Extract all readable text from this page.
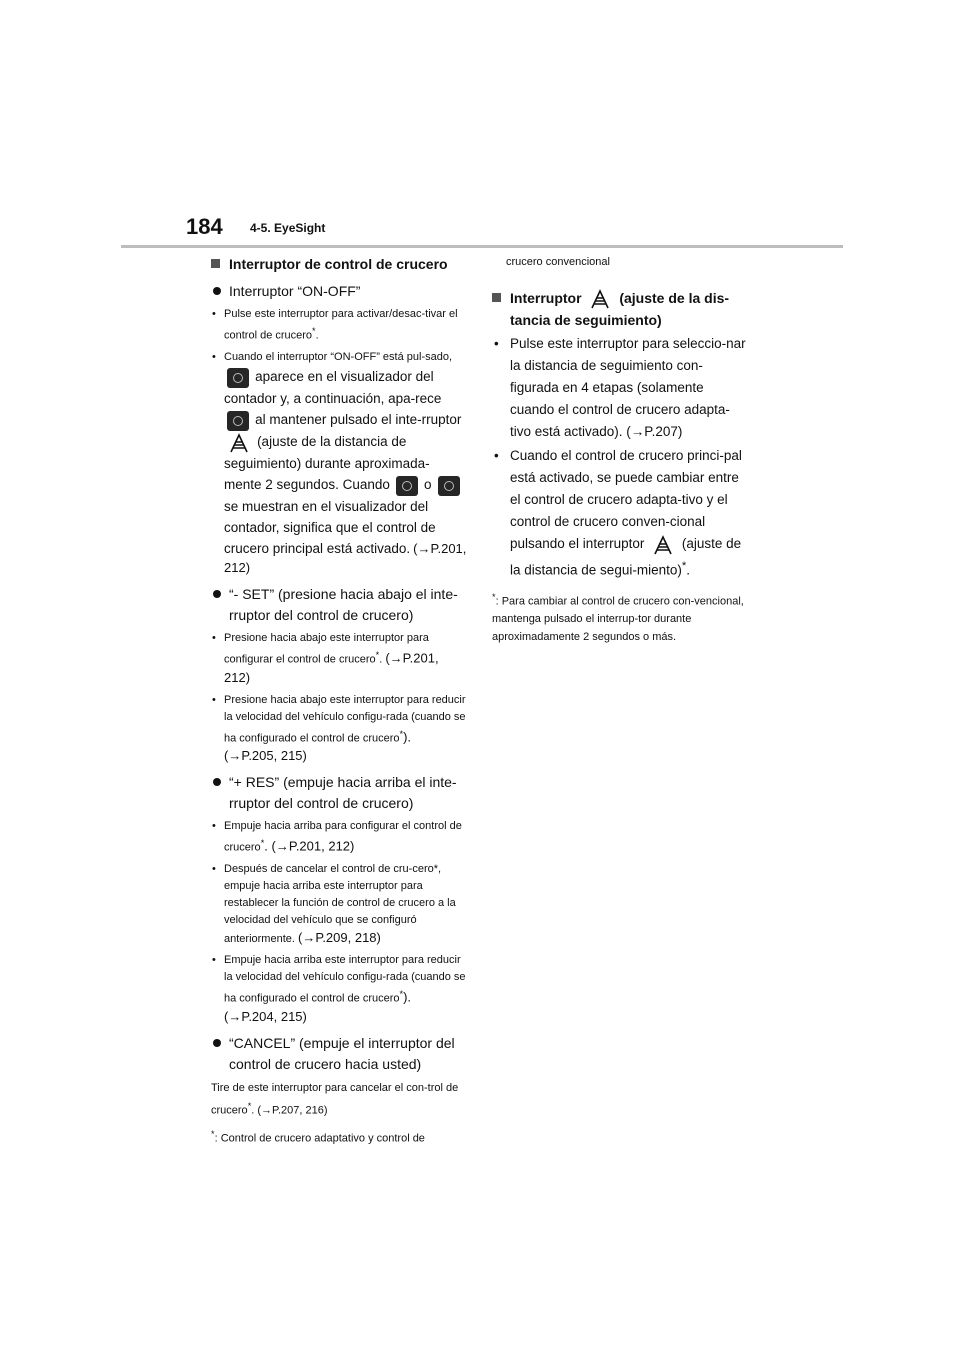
184 4-5. EyeSight

Interruptor de control de crucero

Interruptor “ON-OFF”

• Pulse este interruptor para activar/desac-tivar el control de crucero*.

• Cuando el interruptor “ON-OFF” está pul-sado,  aparece en el visualizador del contador y, a continuación, apa-rece  al mantener pulsado el inte-rruptor
(ajuste de la distancia de seguimiento) durante aproximada-mente 2 segundos. Cuando	o  se muestran en el visualizador del contador, significa que el control de crucero principal está activado. (→P.201, 212)

“- SET” (presione hacia abajo el inte-rruptor del control de crucero)

• Presione hacia abajo este interruptor para configurar el control de crucero*. (→P.201, 212)

• Presione hacia abajo este interruptor para reducir la velocidad del vehículo configu-rada (cuando se ha configurado el control de crucero*). (→P.205, 215)

“+ RES” (empuje hacia arriba el inte-rruptor del control de crucero)

• Empuje hacia arriba para configurar el control de crucero*. (→P.201, 212)

• Después de cancelar el control de cru-cero*, empuje hacia arriba este interruptor para restablecer la función de control de crucero a la velocidad del vehículo que se configuró anteriormente. (→P.209, 218)

• Empuje hacia arriba este interruptor para reducir la velocidad del vehículo configu-rada (cuando se ha configurado el control de crucero*). (→P.204, 215)

“CANCEL” (empuje el interruptor del control de crucero hacia usted)

Tire de este interruptor para cancelar el con-trol de crucero*. (→P.207, 216)

*: Control de crucero adaptativo y control de

crucero convencional

Interruptor	(ajuste de la dis-tancia de seguimiento)

• Pulse este interruptor para seleccio-nar la distancia de seguimiento con-figurada en 4 etapas (solamente cuando el control de crucero adapta-tivo está activado). (→P.207)

• Cuando el control de crucero princi-pal está activado, se puede cambiar entre el control de crucero adapta-tivo y el control de crucero conven-cional pulsando el interruptor	(ajuste de la distancia de segui-miento)*.

*: Para cambiar al control de crucero con-vencional, mantenga pulsado el interrup-tor durante aproximadamente 2 segundos o más.
